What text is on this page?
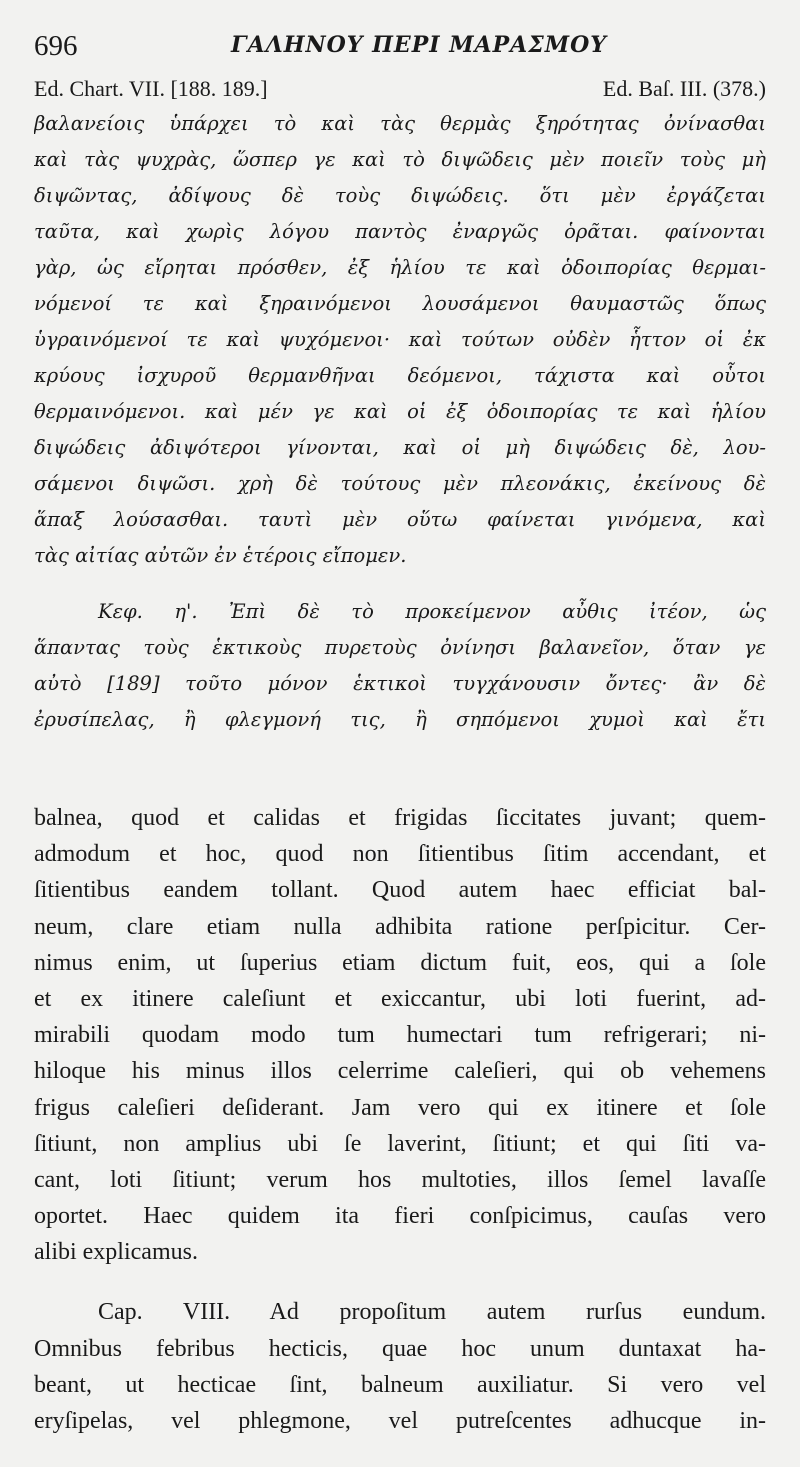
696	ΓΑΛΗΝΟΥ ΠΕΡΙ ΜΑΡΑΣΜΟΥ
Ed. Chart. VII. [188. 189.]	Ed. Baſ. III. (378.)
βαλανείοις ὑπάρχει τὸ καὶ τὰς θερμὰς ξηρότητας ὀνίνασθαι
καὶ τὰς ψυχρὰς, ὥσπερ γε καὶ τὸ διψῶδεις μὲν ποιεῖν τοὺς μὴ
διψῶντας, ἀδίψους δὲ τοὺς διψώδεις. ὅτι μὲν ἐργάζεται
ταῦτα, καὶ χωρὶς λόγου παντὸς ἐναργῶς ὁρᾶται. φαίνονται
γὰρ, ὡς εἴρηται πρόσθεν, ἐξ ἡλίου τε καὶ ὁδοιπορίας θερμαι-
νόμενοί τε καὶ ξηραινόμενοι λουσάμενοι θαυμαστῶς ὅπως
ὑγραινόμενοί τε καὶ ψυχόμενοι· καὶ τούτων οὐδὲν ἧττον οἱ ἐκ
κρύους ἰσχυροῦ θερμανθῆναι δεόμενοι, τάχιστα καὶ οὗτοι
θερμαινόμενοι. καὶ μέν γε καὶ οἱ ἐξ ὁδοιπορίας τε καὶ ἡλίου
διψώδεις ἀδιψότεροι γίνονται, καὶ οἱ μὴ διψώδεις δὲ, λου-
σάμενοι διψῶσι. χρὴ δὲ τούτους μὲν πλεονάκις, ἐκείνους δὲ
ἅπαξ λούσασθαι. ταυτὶ μὲν οὕτω φαίνεται γινόμενα, καὶ
τὰς αἰτίας αὐτῶν ἐν ἑτέροις εἴπομεν.
Κεφ. η'. Ἐπὶ δὲ τὸ προκείμενον αὖθις ἰτέον, ὡς
ἅπαντας τοὺς ἑκτικοὺς πυρετοὺς ὀνίνησι βαλανεῖον, ὅταν γε
αὐτὸ [189] τοῦτο μόνον ἑκτικοὶ τυγχάνουσιν ὄντες· ἂν δὲ
ἐρυσίπελας, ἢ φλεγμονή τις, ἢ σηπόμενοι χυμοὶ καὶ ἔτι
balnea, quod et calidas et frigidas ſiccitates juvant; quem-
admodum et hoc, quod non ſitientibus ſitim accendant, et
ſitientibus eandem tollant. Quod autem haec efficiat bal-
neum, clare etiam nulla adhibita ratione perſpicitur. Cer-
nimus enim, ut ſuperius etiam dictum fuit, eos, qui a ſole
et ex itinere caleſiunt et exiccantur, ubi loti fuerint, ad-
mirabili quodam modo tum humectari tum refrigerari; ni-
hiloque his minus illos celerrime caleſieri, qui ob vehemens
frigus caleſieri deſiderant. Jam vero qui ex itinere et ſole
ſitiunt, non amplius ubi ſe laverint, ſitiunt; et qui ſiti va-
cant, loti ſitiunt; verum hos multoties, illos ſemel lavaſſe
oportet. Haec quidem ita fieri conſpicimus, cauſas vero
alibi explicamus.
Cap. VIII. Ad propoſitum autem rurſus eundum.
Omnibus febribus hecticis, quae hoc unum duntaxat ha-
beant, ut hecticae ſint, balneum auxiliatur. Si vero vel
eryſipelas, vel phlegmone, vel putreſcentes adhucque in-
